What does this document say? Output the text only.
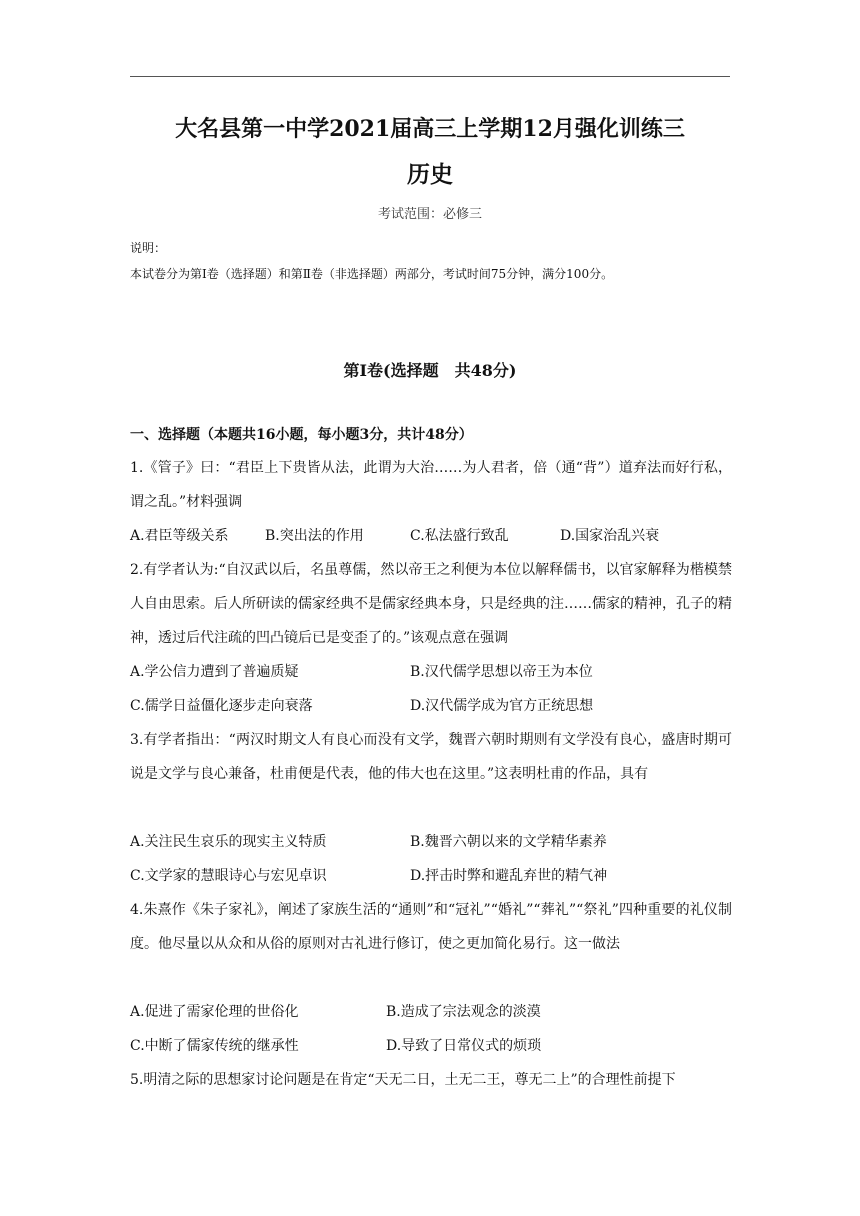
大名县第一中学2021届高三上学期12月强化训练三
历史
考试范围：必修三
说明：
本试卷分为第Ⅰ卷（选择题）和第Ⅱ卷（非选择题）两部分，考试时间75分钟，满分100分。
第Ⅰ卷(选择题　共48分)
一、选择题（本题共16小题，每小题3分，共计48分）
1.《管子》曰：“君臣上下贵皆从法，此谓为大治……为人君者，倍（通“背”）道弃法而好行私，谓之乱。”材料强调
A.君臣等级关系	B.突出法的作用	C.私法盛行致乱	D.国家治乱兴衰
2.有学者认为:“自汉武以后，名虽尊儒，然以帝王之利便为本位以解释儒书，以官家解释为楷模禁人自由思索。后人所研读的儒家经典不是儒家经典本身，只是经典的注……儒家的精神，孔子的精神，透过后代注疏的凹凸镜后已是变歪了的。”该观点意在强调
A.学公信力遭到了普遍质疑	B.汉代儒学思想以帝王为本位
C.儒学日益僵化逐步走向衰落	D.汉代儒学成为官方正统思想
3.有学者指出：“两汉时期文人有良心而没有文学，魏晋六朝时期则有文学没有良心，盛唐时期可说是文学与良心兼备，杜甫便是代表，他的伟大也在这里。”这表明杜甫的作品，具有
A.关注民生哀乐的现实主义特质	B.魏晋六朝以来的文学精华素养
C.文学家的慧眼诗心与宏见卓识	D.抨击时弊和避乱弃世的精气神
4.朱熹作《朱子家礼》，阐述了家族生活的“通则”和“冠礼”“婚礼”“葬礼”“祭礼”四种重要的礼仪制度。他尽量以从众和从俗的原则对古礼进行修订，使之更加简化易行。这一做法
A.促进了需家伦理的世俗化	B.造成了宗法观念的淡漠
C.中断了儒家传统的继承性	D.导致了日常仪式的烦琐
5.明清之际的思想家讨论问题是在肯定“天无二日，土无二王，尊无二上”的合理性前提下
